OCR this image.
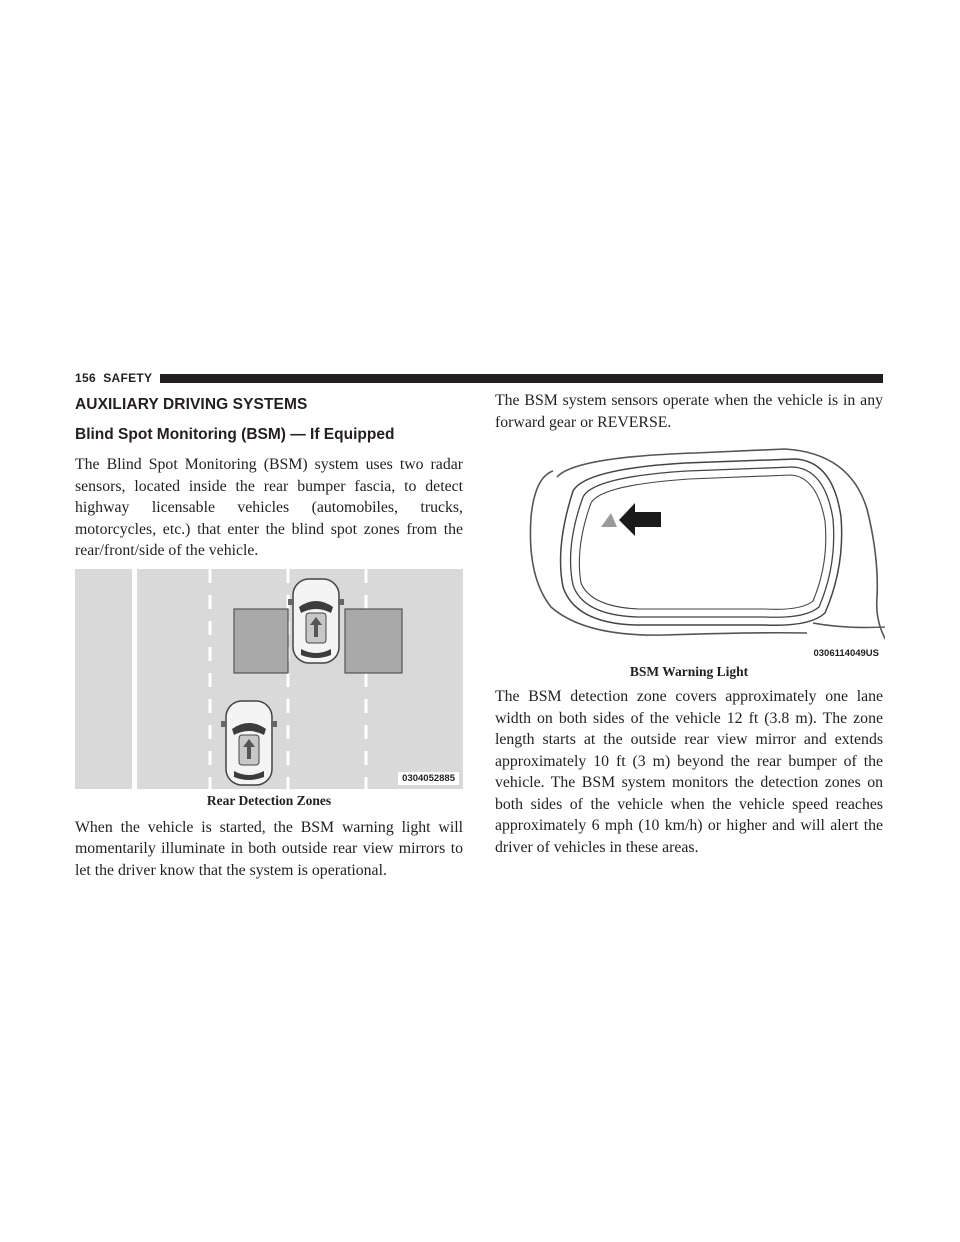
156 SAFETY
AUXILIARY DRIVING SYSTEMS
Blind Spot Monitoring (BSM) — If Equipped

The Blind Spot Monitoring (BSM) system uses two radar sensors, located inside the rear bumper fascia, to detect highway licensable vehicles (automobiles, trucks, motorcycles, etc.) that enter the blind spot zones from the rear/front/side of the vehicle.

0304052885
Rear Detection Zones

When the vehicle is started, the BSM warning light will momentarily illuminate in both outside rear view mirrors to let the driver know that the system is operational.

The BSM system sensors operate when the vehicle is in any forward gear or REVERSE.

0306114049US
BSM Warning Light

The BSM detection zone covers approximately one lane width on both sides of the vehicle 12 ft (3.8 m). The zone length starts at the outside rear view mirror and extends approximately 10 ft (3 m) beyond the rear bumper of the vehicle. The BSM system monitors the detection zones on both sides of the vehicle when the vehicle speed reaches approximately 6 mph (10 km/h) or higher and will alert the driver of vehicles in these areas.
